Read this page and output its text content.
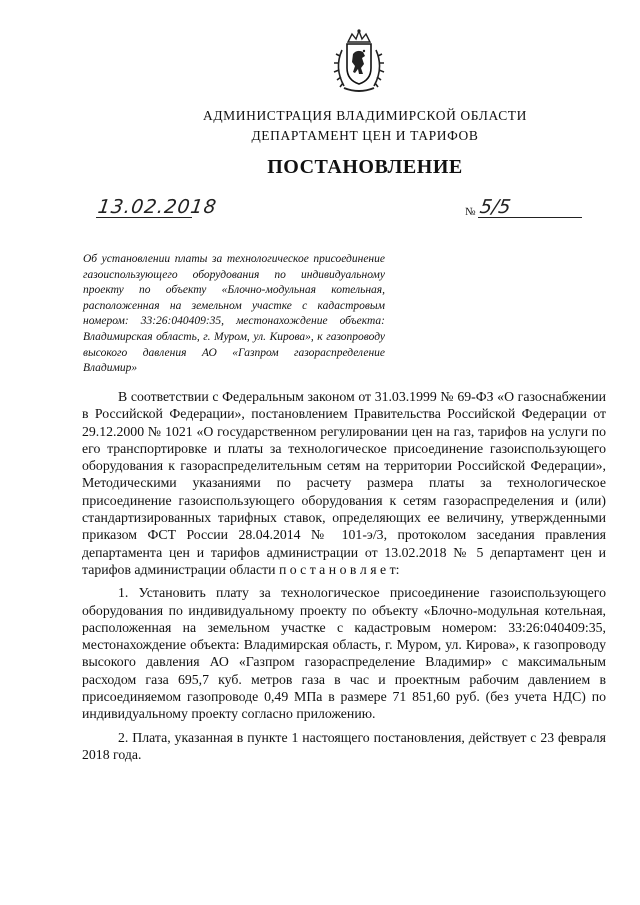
АДМИНИСТРАЦИЯ ВЛАДИМИРСКОЙ ОБЛАСТИ
ДЕПАРТАМЕНТ ЦЕН И ТАРИФОВ
ПОСТАНОВЛЕНИЕ
13.02.2018	№ 5/5
Об установлении платы за технологическое присоединение газоиспользующего оборудования по индивидуальному проекту по объекту «Блочно-модульная котельная, расположенная на земельном участке с кадастровым номером: 33:26:040409:35, местонахождение объекта: Владимирская область, г. Муром, ул. Кирова», к газопроводу высокого давления АО «Газпром газораспределение Владимир»

В соответствии с Федеральным законом от 31.03.1999 № 69-ФЗ «О газоснабжении в Российской Федерации», постановлением Правительства Российской Федерации от 29.12.2000 № 1021 «О государственном регулировании цен на газ, тарифов на услуги по его транспортировке и платы за технологическое присоединение газоиспользующего оборудования к газораспределительным сетям на территории Российской Федерации», Методическими указаниями по расчету размера платы за технологическое присоединение газоиспользующего оборудования к сетям газораспределения и (или) стандартизированных тарифных ставок, определяющих ее величину, утвержденными приказом ФСТ России 28.04.2014 № 101-э/3, протоколом заседания правления департамента цен и тарифов администрации от 13.02.2018 № 5 департамент цен и тарифов администрации области п о с т а н о в л я е т:

1. Установить плату за технологическое присоединение газоиспользующего оборудования по индивидуальному проекту по объекту «Блочно-модульная котельная, расположенная на земельном участке с кадастровым номером: 33:26:040409:35, местонахождение объекта: Владимирская область, г. Муром, ул. Кирова», к газопроводу высокого давления АО «Газпром газораспределение Владимир» с максимальным расходом газа 695,7 куб. метров газа в час и проектным рабочим давлением в присоединяемом газопроводе 0,49 МПа в размере 71 851,60 руб. (без учета НДС) по индивидуальному проекту согласно приложению.

2. Плата, указанная в пункте 1 настоящего постановления, действует с 23 февраля 2018 года.
